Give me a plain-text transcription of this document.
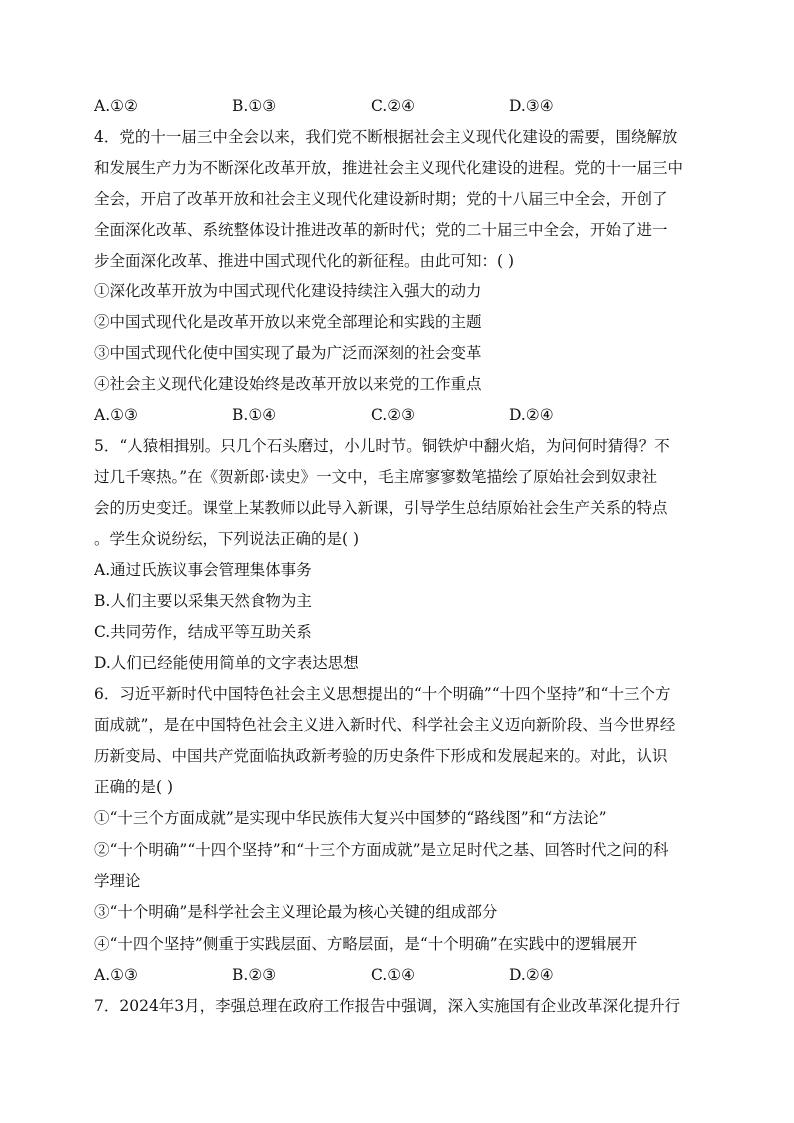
A.①②	B.①③	C.②④	D.③④
4．党的十一届三中全会以来，我们党不断根据社会主义现代化建设的需要，围绕解放
和发展生产力为不断深化改革开放，推进社会主义现代化建设的进程。党的十一届三中
全会，开启了改革开放和社会主义现代化建设新时期；党的十八届三中全会，开创了
全面深化改革、系统整体设计推进改革的新时代；党的二十届三中全会，开始了进一
步全面深化改革、推进中国式现代化的新征程。由此可知：( )
①深化改革开放为中国式现代化建设持续注入强大的动力
②中国式现代化是改革开放以来党全部理论和实践的主题
③中国式现代化使中国实现了最为广泛而深刻的社会变革
④社会主义现代化建设始终是改革开放以来党的工作重点
A.①③	B.①④	C.②③	D.②④
5．“人猿相揖别。只几个石头磨过，小儿时节。铜铁炉中翻火焰，为问何时猜得？不
过几千寒热。”在《贺新郎·读史》一文中，毛主席寥寥数笔描绘了原始社会到奴隶社
会的历史变迁。课堂上某教师以此导入新课，引导学生总结原始社会生产关系的特点
。学生众说纷纭，下列说法正确的是( )
A.通过氏族议事会管理集体事务
B.人们主要以采集天然食物为主
C.共同劳作，结成平等互助关系
D.人们已经能使用简单的文字表达思想
6．习近平新时代中国特色社会主义思想提出的“十个明确”“十四个坚持”和“十三个方
面成就”，是在中国特色社会主义进入新时代、科学社会主义迈向新阶段、当今世界经
历新变局、中国共产党面临执政新考验的历史条件下形成和发展起来的。对此，认识
正确的是( )
①“十三个方面成就”是实现中华民族伟大复兴中国梦的“路线图”和“方法论”
②“十个明确”“十四个坚持”和“十三个方面成就”是立足时代之基、回答时代之问的科
学理论
③“十个明确”是科学社会主义理论最为核心关键的组成部分
④“十四个坚持”侧重于实践层面、方略层面，是“十个明确”在实践中的逻辑展开
A.①③	B.②③	C.①④	D.②④
7．2024年3月，李强总理在政府工作报告中强调，深入实施国有企业改革深化提升行
